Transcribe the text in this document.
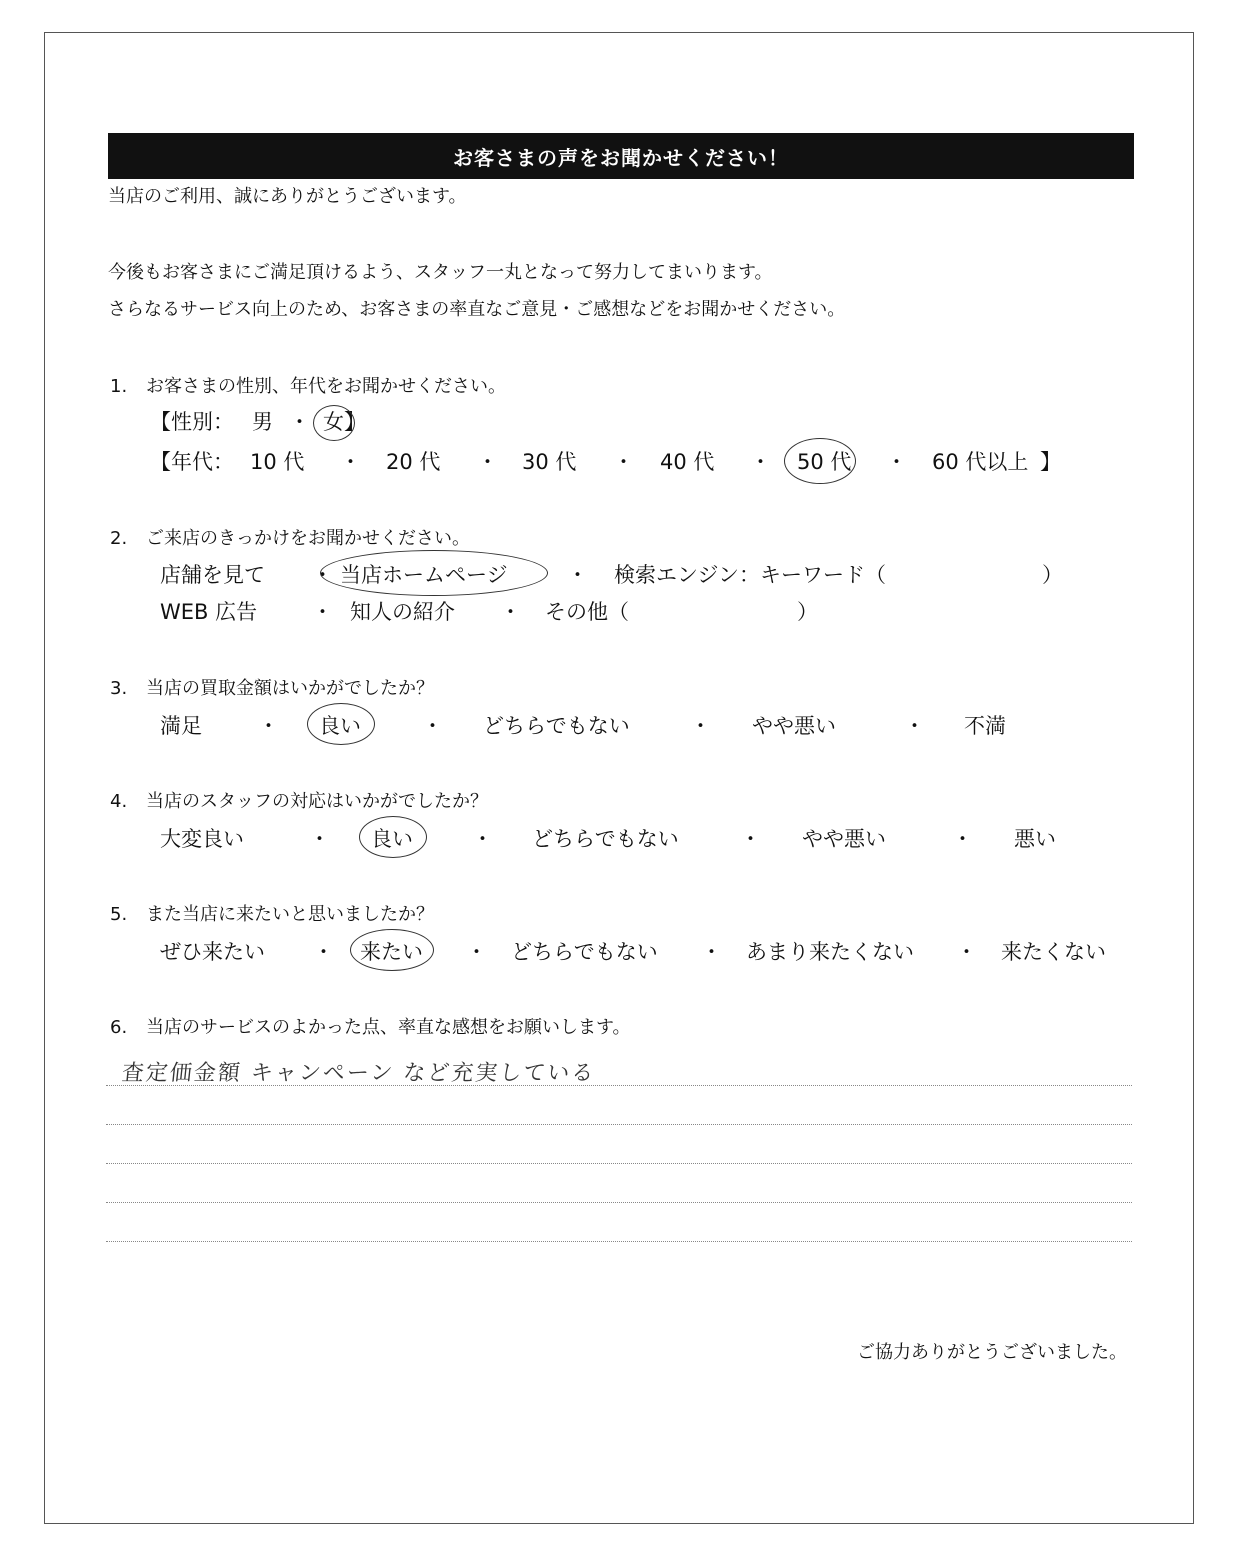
お客さまの声をお聞かせください！
当店のご利用、誠にありがとうございます。
今後もお客さまにご満足頂けるよう、スタッフ一丸となって努力してまいります。
さらなるサービス向上のため、お客さまの率直なご意見・ご感想などをお聞かせください。
1. お客さまの性別、年代をお聞かせください。
【性別： 男 ・ 女 】
【年代： 10 代 ・ 20 代 ・ 30 代 ・ 40 代 ・ 50 代 ・ 60 代以上 】
2. ご来店のきっかけをお聞かせください。
店舗を見て ・ 当店ホームページ	・ 検索エンジン：キーワード（	）
WEB 広告	・ 知人の紹介 ・ その他（	）
3. 当店の買取金額はいかがでしたか？
満足	・ 良い	・ どちらでもない	・ やや悪い	・ 不満
4. 当店のスタッフの対応はいかがでしたか？
大変良い	・ 良い	・ どちらでもない	・ やや悪い	・ 悪い
5. また当店に来たいと思いましたか？
ぜひ来たい ・ 来たい ・ どちらでもない ・ あまり来たくない ・ 来たくない
6. 当店のサービスのよかった点、率直な感想をお願いします。
査定価金額 キャンペーン など充実している
ご協力ありがとうございました。
